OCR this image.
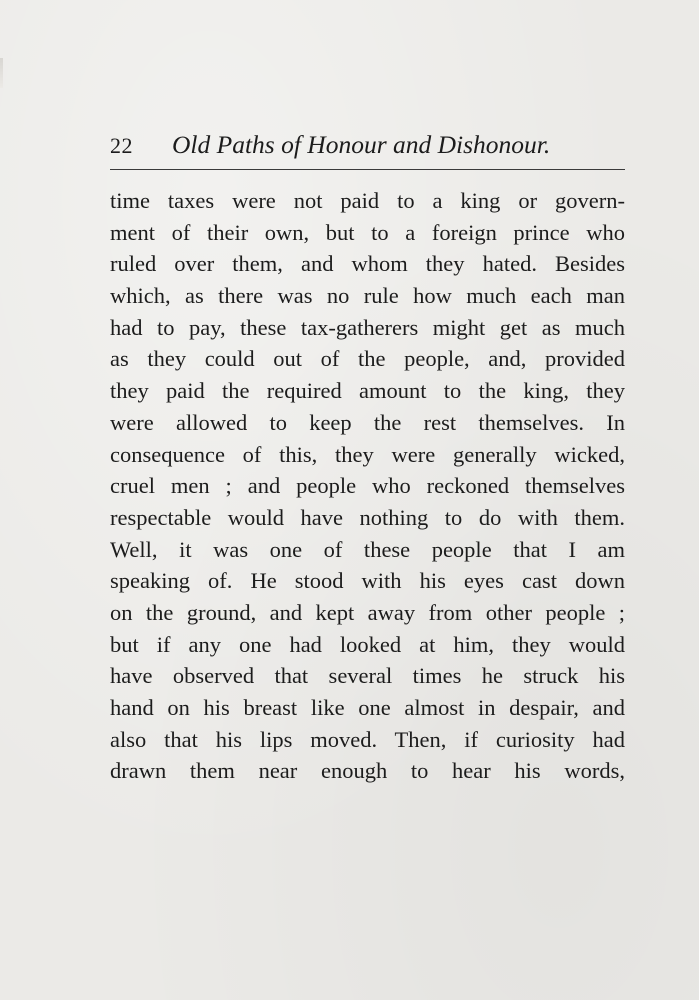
22 Old Paths of Honour and Dishonour.
time taxes were not paid to a king or govern-
ment of their own, but to a foreign prince who
ruled over them, and whom they hated. Besides
which, as there was no rule how much each man
had to pay, these tax-gatherers might get as much
as they could out of the people, and, provided
they paid the required amount to the king, they
were allowed to keep the rest themselves. In
consequence of this, they were generally wicked,
cruel men ; and people who reckoned themselves
respectable would have nothing to do with them.
Well, it was one of these people that I am
speaking of. He stood with his eyes cast down
on the ground, and kept away from other people ;
but if any one had looked at him, they would
have observed that several times he struck his
hand on his breast like one almost in despair, and
also that his lips moved. Then, if curiosity had
drawn them near enough to hear his words,
